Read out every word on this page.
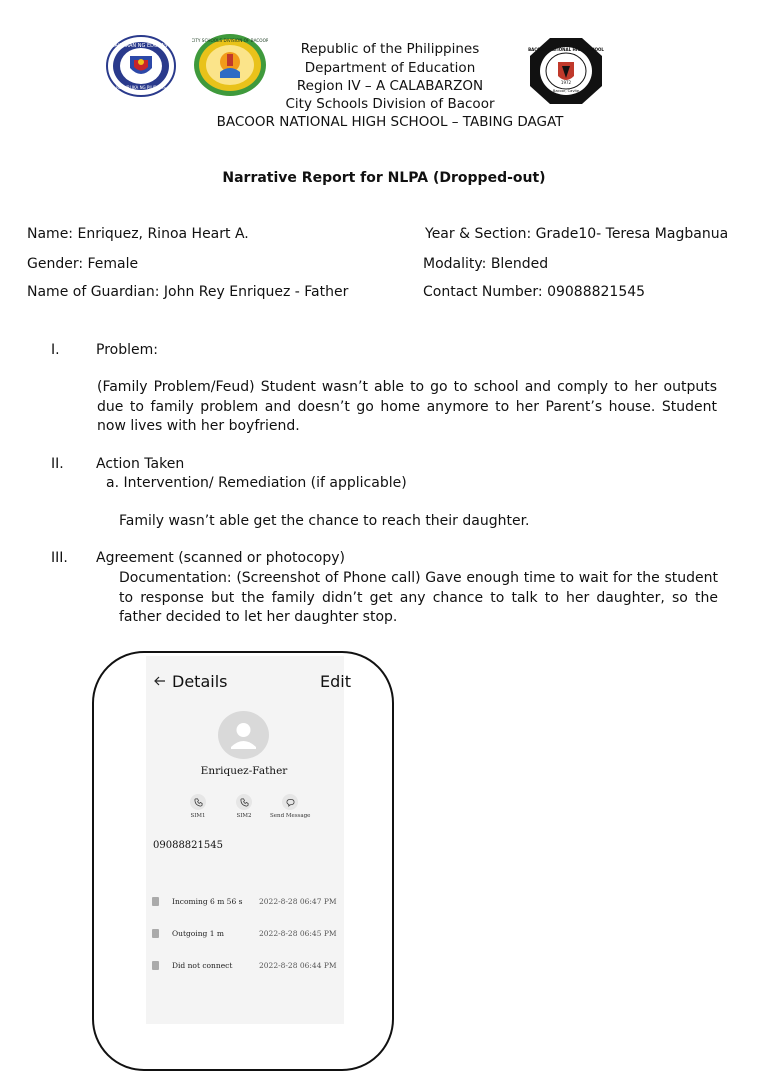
KAGAWARAN NG EDUKASYON
REPUBLIKA NG PILIPINAS
CITY SCHOOLS DIVISION OF BACOOR
BACOOR NATIONAL HIGH SCHOOL
1972
Bacoor, Cavite
Republic of the Philippines
Department of Education
Region IV – A CALABARZON
City Schools Division of Bacoor
BACOOR NATIONAL HIGH SCHOOL – TABING DAGAT
Narrative Report for NLPA (Dropped-out)
Name: Enriquez, Rinoa Heart A.	Year & Section: Grade10- Teresa Magbanua
Gender: Female	Modality: Blended
Name of Guardian: John Rey Enriquez - Father	Contact Number: 09088821545
I.	Problem:
(Family Problem/Feud) Student wasn’t able to go to school and comply to her outputs due to family problem and doesn’t go home anymore to her Parent’s house. Student now lives with her boyfriend.
II. Action Taken
a. Intervention/ Remediation (if applicable)
Family wasn’t able get the chance to reach their daughter.
III. Agreement (scanned or photocopy)
Documentation: (Screenshot of Phone call) Gave enough time to wait for the student to response but the family didn’t get any chance to talk to her daughter, so the father decided to let her daughter stop.
Details	Edit
Enriquez-Father
SIM1	SIM2	Send Message
09088821545
Incoming 6 m 56 s 2022-8-28 06:47 PM
Outgoing 1 m	2022-8-28 06:45 PM
Did not connect	2022-8-28 06:44 PM
